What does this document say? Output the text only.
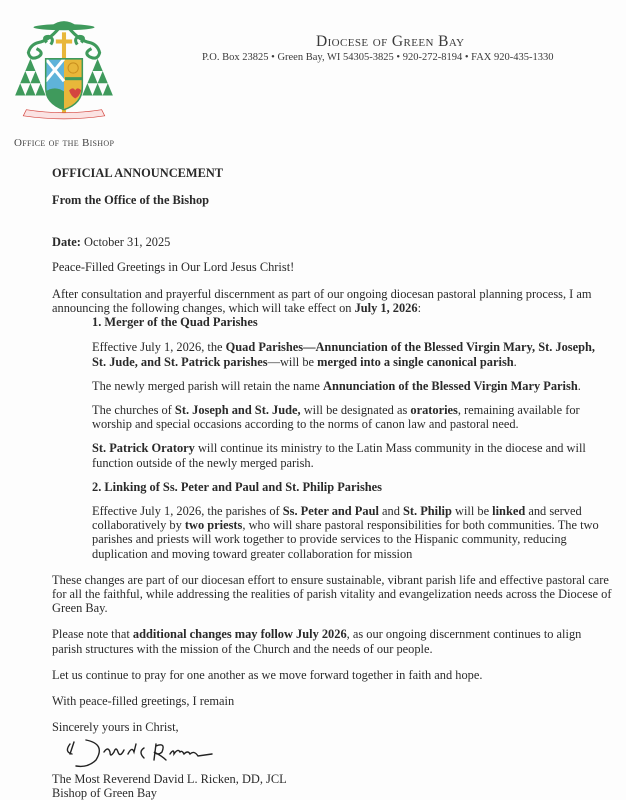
Office of the Bishop
Diocese of Green Bay
P.O. Box 23825 • Green Bay, WI 54305-3825 • 920-272-8194 • FAX 920-435-1330

OFFICIAL ANNOUNCEMENT

From the Office of the Bishop

Date: October 31, 2025

Peace-Filled Greetings in Our Lord Jesus Christ!

After consultation and prayerful discernment as part of our ongoing diocesan pastoral planning process, I am announcing the following changes, which will take effect on July 1, 2026:

1. Merger of the Quad Parishes

Effective July 1, 2026, the Quad Parishes—Annunciation of the Blessed Virgin Mary, St. Joseph, St. Jude, and St. Patrick parishes—will be merged into a single canonical parish.

The newly merged parish will retain the name Annunciation of the Blessed Virgin Mary Parish.

The churches of St. Joseph and St. Jude, will be designated as oratories, remaining available for worship and special occasions according to the norms of canon law and pastoral need.

St. Patrick Oratory will continue its ministry to the Latin Mass community in the diocese and will function outside of the newly merged parish.

2. Linking of Ss. Peter and Paul and St. Philip Parishes

Effective July 1, 2026, the parishes of Ss. Peter and Paul and St. Philip will be linked and served collaboratively by two priests, who will share pastoral responsibilities for both communities. The two parishes and priests will work together to provide services to the Hispanic community, reducing duplication and moving toward greater collaboration for mission

These changes are part of our diocesan effort to ensure sustainable, vibrant parish life and effective pastoral care for all the faithful, while addressing the realities of parish vitality and evangelization needs across the Diocese of Green Bay.

Please note that additional changes may follow July 2026, as our ongoing discernment continues to align parish structures with the mission of the Church and the needs of our people.

Let us continue to pray for one another as we move forward together in faith and hope.

With peace-filled greetings, I remain

Sincerely yours in Christ,

The Most Reverend David L. Ricken, DD, JCL

Bishop of Green Bay
